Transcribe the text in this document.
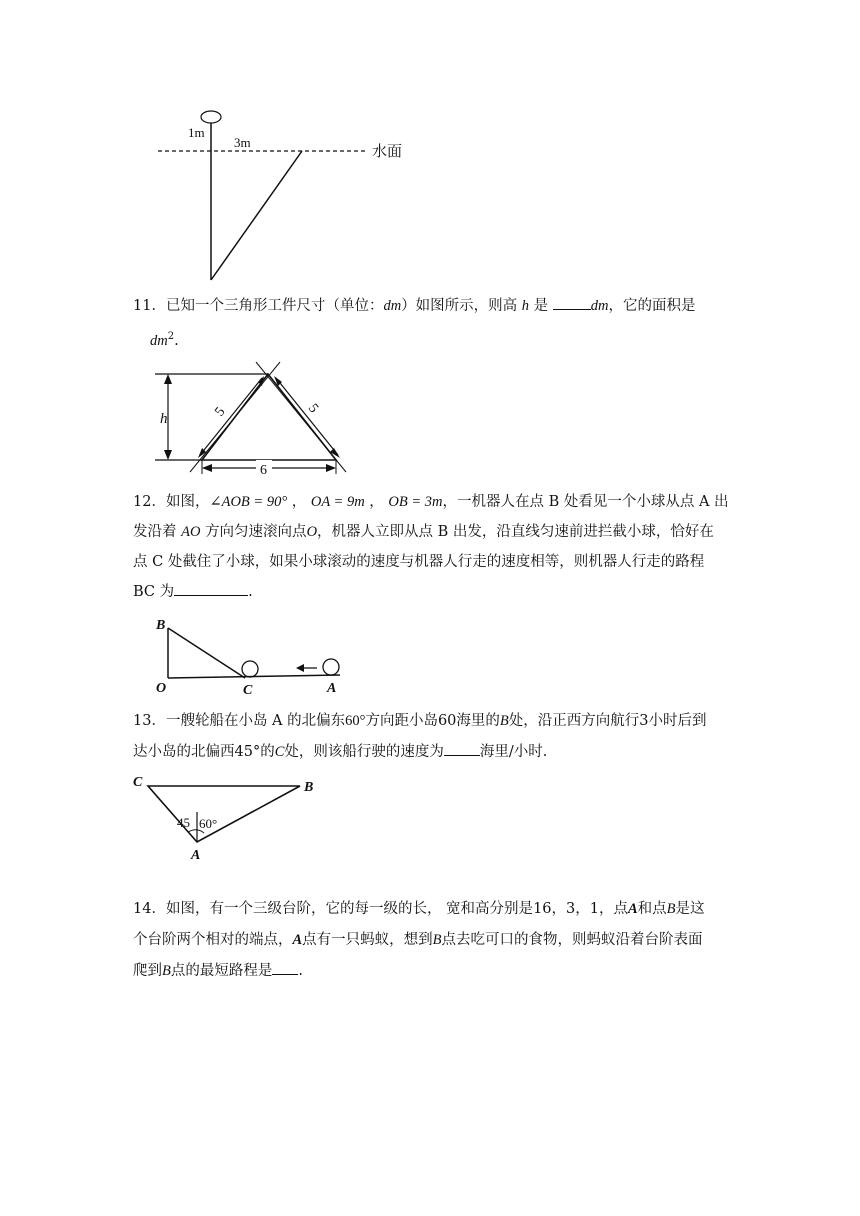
1m
3m	水面
11．已知一个三角形工件尺寸（单位：dm）如图所示，则高 h 是	dm，它的面积是
$dm^2$.
h	5	5
6
12．如图，∠AOB = 90° ， OA = 9m ， OB = 3m，一机器人在点 B 处看见一个小球从点 A 出
发沿着 AO 方向匀速滚向点O，机器人立即从点 B 出发，沿直线匀速前进拦截小球，恰好在
点 C 处截住了小球，如果小球滚动的速度与机器人行走的速度相等，则机器人行走的路程
BC 为	.
B
O	C	A
13．一艘轮船在小岛 A 的北偏东60°方向距小岛60海里的B处，沿正西方向航行3小时后到
达小岛的北偏西45°的C处，则该船行驶的速度为 海里/小时.
C	B
A
45 60°
14．如图，有一个三级台阶，它的每一级的长， 宽和高分别是16，3，1，点A和点B是这
个台阶两个相对的端点，A点有一只蚂蚁，想到B点去吃可口的食物，则蚂蚁沿着台阶表面
爬到B点的最短路程是 .
